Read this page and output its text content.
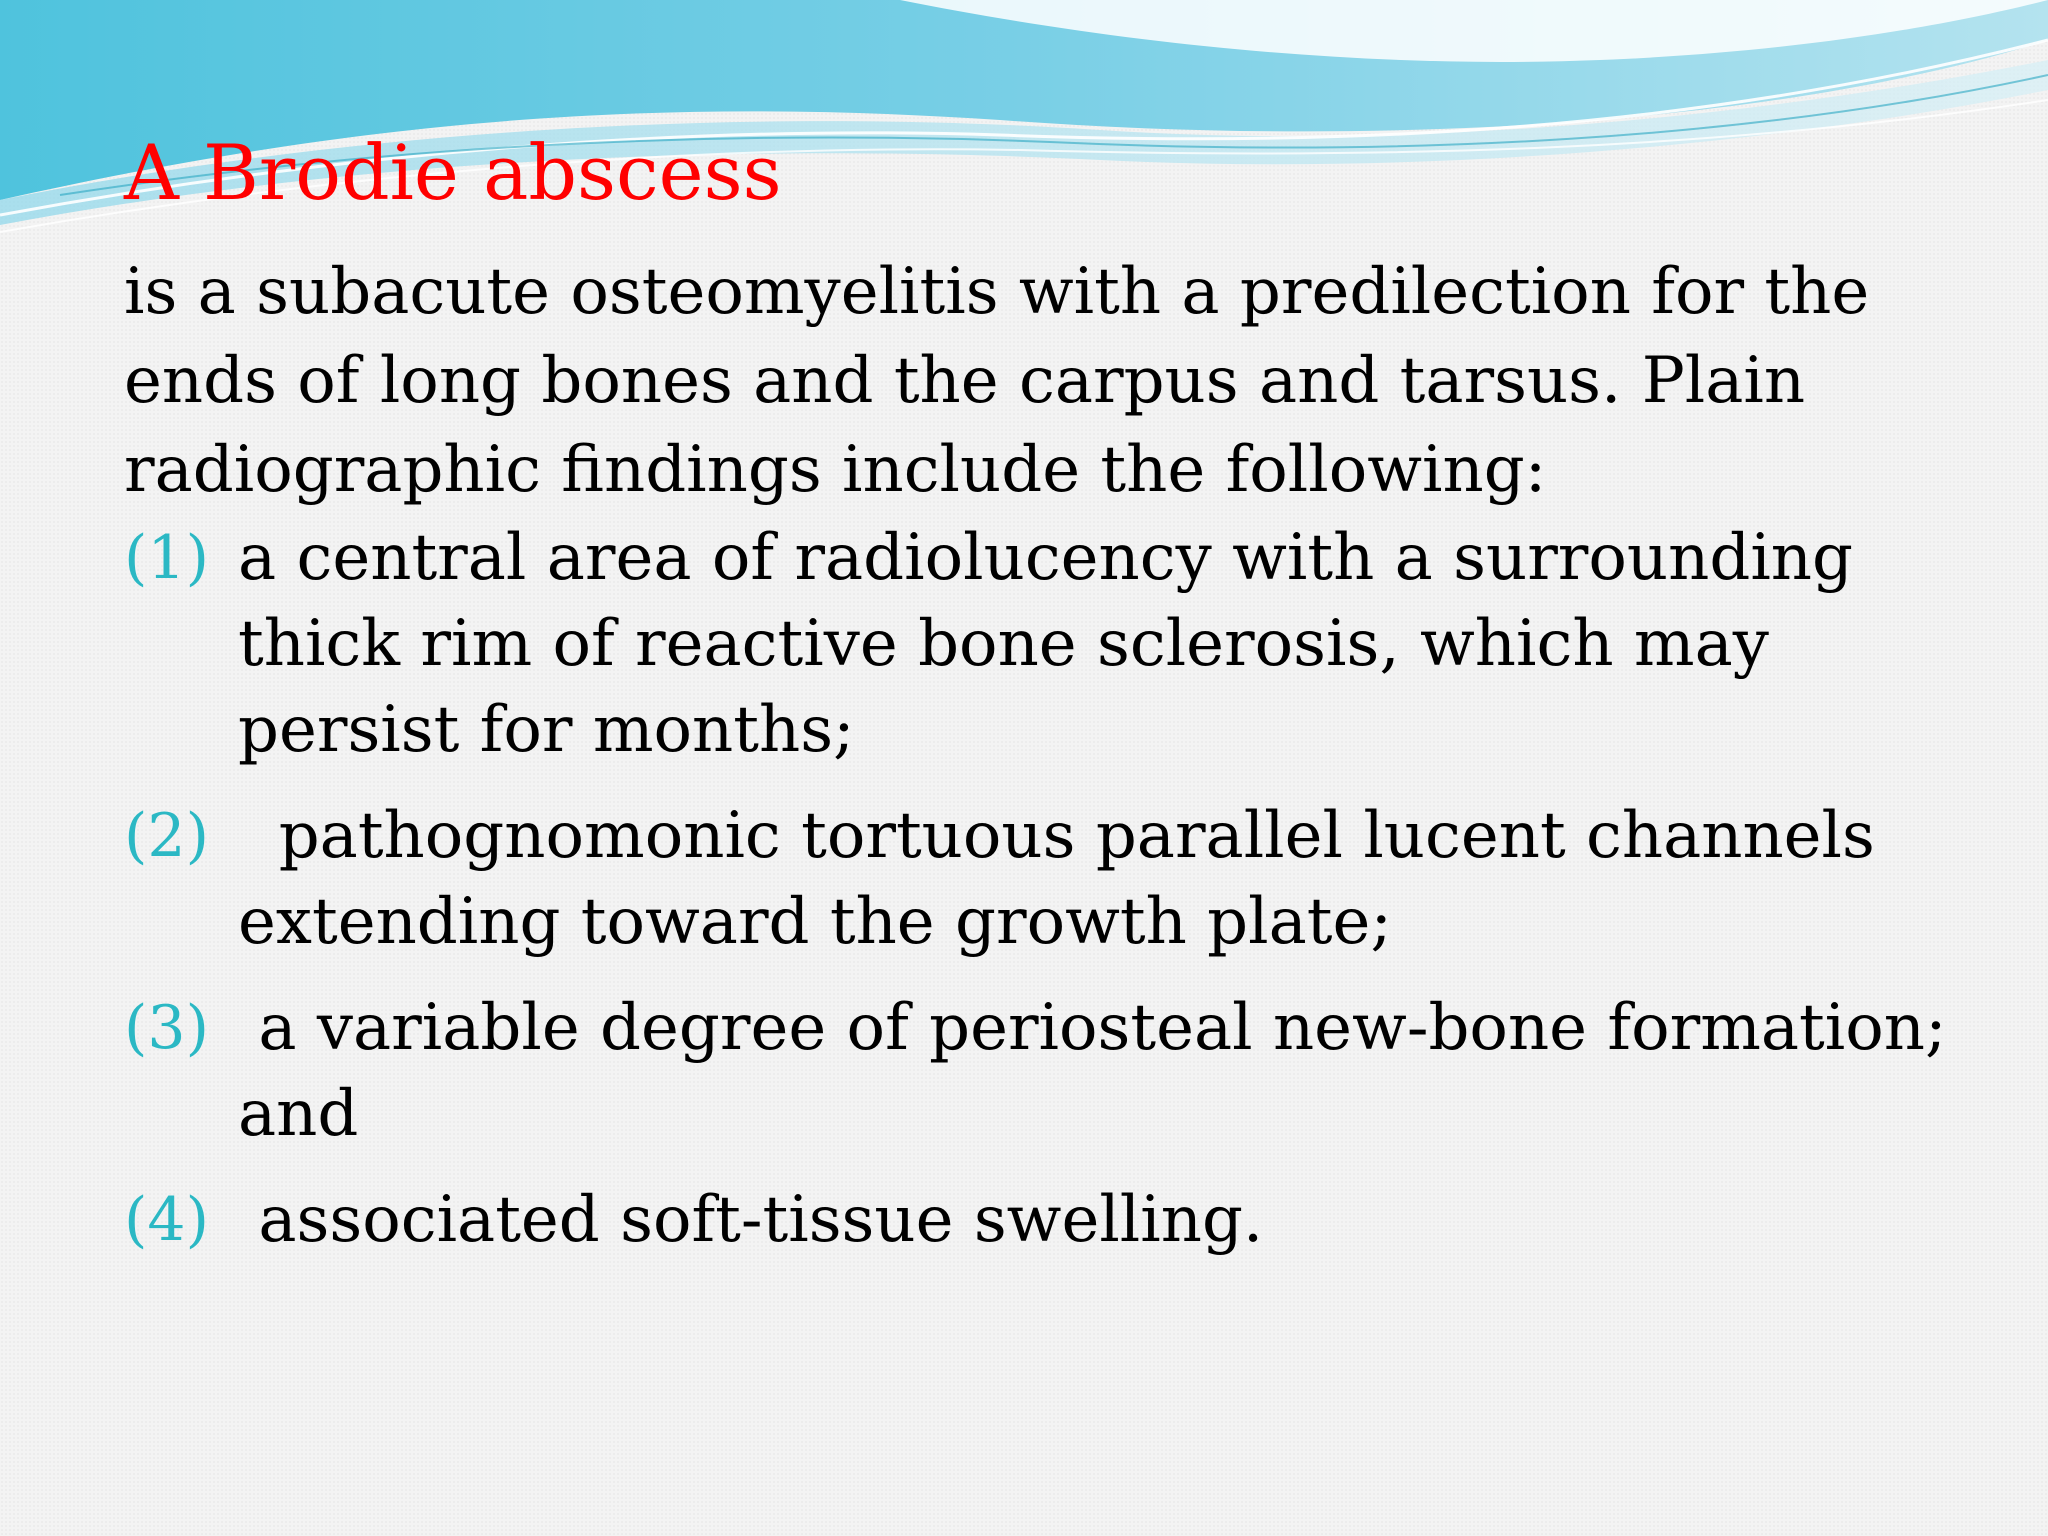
A Brodie abscess

is a subacute osteomyelitis with a predilection for the
ends of long bones and the carpus and tarsus. Plain
radiographic findings include the following:

(1) a central area of radiolucency with a surrounding
thick rim of reactive bone sclerosis, which may
persist for months;
(2) pathognomonic tortuous parallel lucent channels
extending toward the growth plate;
(3) a variable degree of periosteal new-bone formation;
and
(4) associated soft-tissue swelling.
